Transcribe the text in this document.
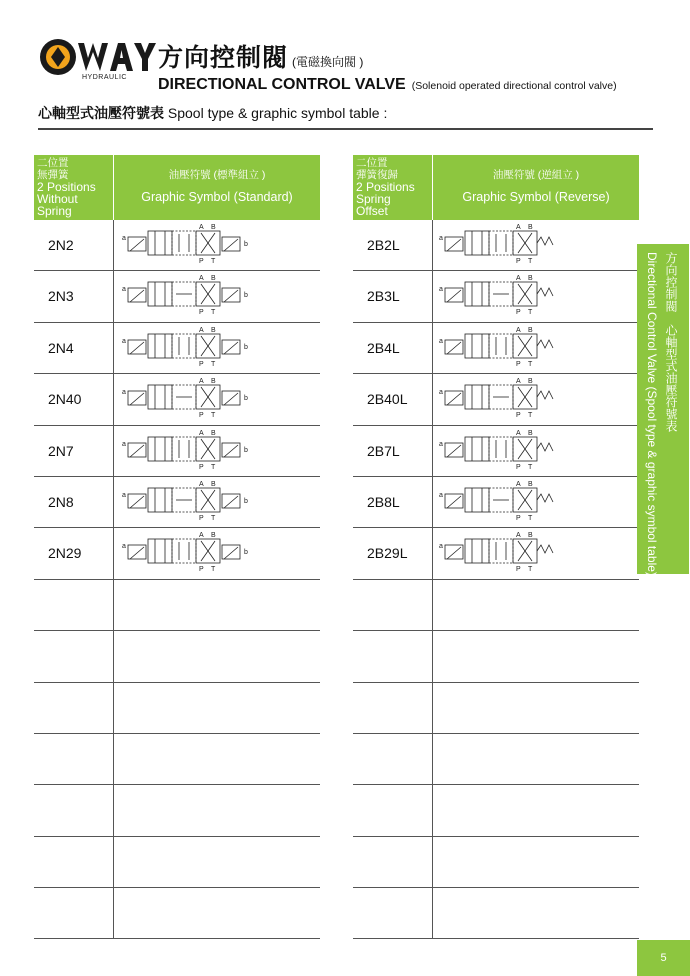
HYDRAULIC
方向控制閥 (電磁換向閥 )
DIRECTIONAL CONTROL VALVE (Solenoid operated directional control valve)
心軸型式油壓符號表 Spool type & graphic symbol table :
二位置
無彈簧
2 Positions
Without
Spring
油壓符號 (標準組立 )
Graphic Symbol (Standard)
2N2	a
b
A B
P T
2N3	a
b
A B
P T
2N4	a
b
A B
P T
2N40	a
b
A B
P T
2N7	a
b
A B
P T
2N8	a
b
A B
P T
2N29	a
b
A B
P T
二位置
彈簧復歸
2 Positions
Spring
Offset
油壓符號 (逆組立 )
Graphic Symbol (Reverse)
2B2L	a
A B
P T
2B3L	a
A B
P T
2B4L	a
A B
P T
2B40L	a
A B
P T
2B7L	a
A B
P T
2B8L	a
A B
P T
2B29L	a
A B
P T
方向控制閥　心軸型式油壓符號表
Directional Control Valve (Spool type & graphic symbol table)
5
